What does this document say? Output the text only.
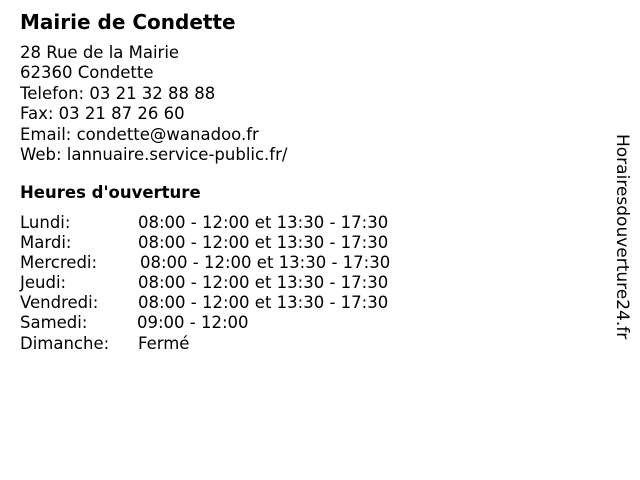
Mairie de Condette
28 Rue de la Mairie
62360 Condette
Telefon: 03 21 32 88 88
Fax: 03 21 87 26 60
Email: condette@wanadoo.fr
Web: lannuaire.service-public.fr/
Heures d'ouverture
Lundi:	08:00 - 12:00 et 13:30 - 17:30
Mardi:	08:00 - 12:00 et 13:30 - 17:30
Mercredi:	08:00 - 12:00 et 13:30 - 17:30
Jeudi:	08:00 - 12:00 et 13:30 - 17:30
Vendredi: 08:00 - 12:00 et 13:30 - 17:30
Samedi:	09:00 - 12:00
Dimanche: Fermé
Horairesdouverture24.fr
